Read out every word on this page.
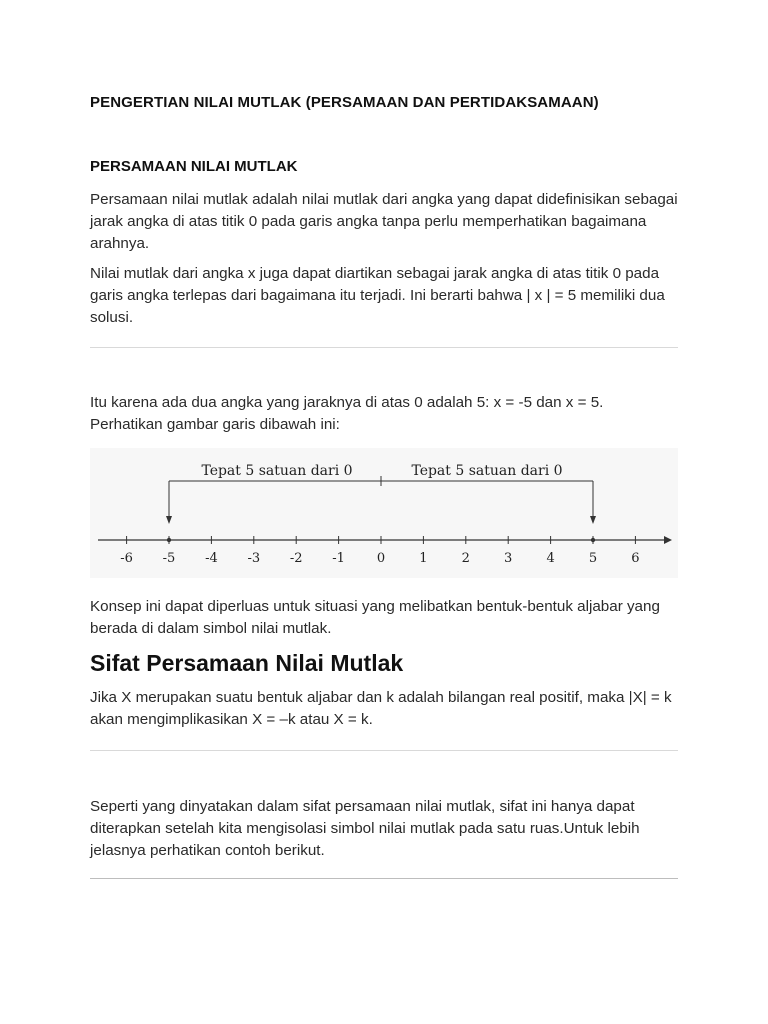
PENGERTIAN NILAI MUTLAK (PERSAMAAN DAN PERTIDAKSAMAAN)
PERSAMAAN NILAI MUTLAK

Persamaan nilai mutlak adalah nilai mutlak dari angka yang dapat didefinisikan sebagai jarak angka di atas titik 0 pada garis angka tanpa perlu memperhatikan bagaimana arahnya.

Nilai mutlak dari angka x juga dapat diartikan sebagai jarak angka di atas titik 0 pada garis angka terlepas dari bagaimana itu terjadi. Ini berarti bahwa | x | = 5 memiliki dua solusi.

Itu karena ada dua angka yang jaraknya di atas 0 adalah 5: x = -5 dan x = 5. Perhatikan gambar garis dibawah ini:

Tepat 5 satuan dari 0	Tepat 5 satuan dari 0
-6 -5 -4 -3 -2 -1 0	1	2	3	4	5	6

Konsep ini dapat diperluas untuk situasi yang melibatkan bentuk-bentuk aljabar yang berada di dalam simbol nilai mutlak.

Sifat Persamaan Nilai Mutlak

Jika X merupakan suatu bentuk aljabar dan k adalah bilangan real positif, maka |X| = k akan mengimplikasikan X = –k atau X = k.

Seperti yang dinyatakan dalam sifat persamaan nilai mutlak, sifat ini hanya dapat diterapkan setelah kita mengisolasi simbol nilai mutlak pada satu ruas.Untuk lebih jelasnya perhatikan contoh berikut.
